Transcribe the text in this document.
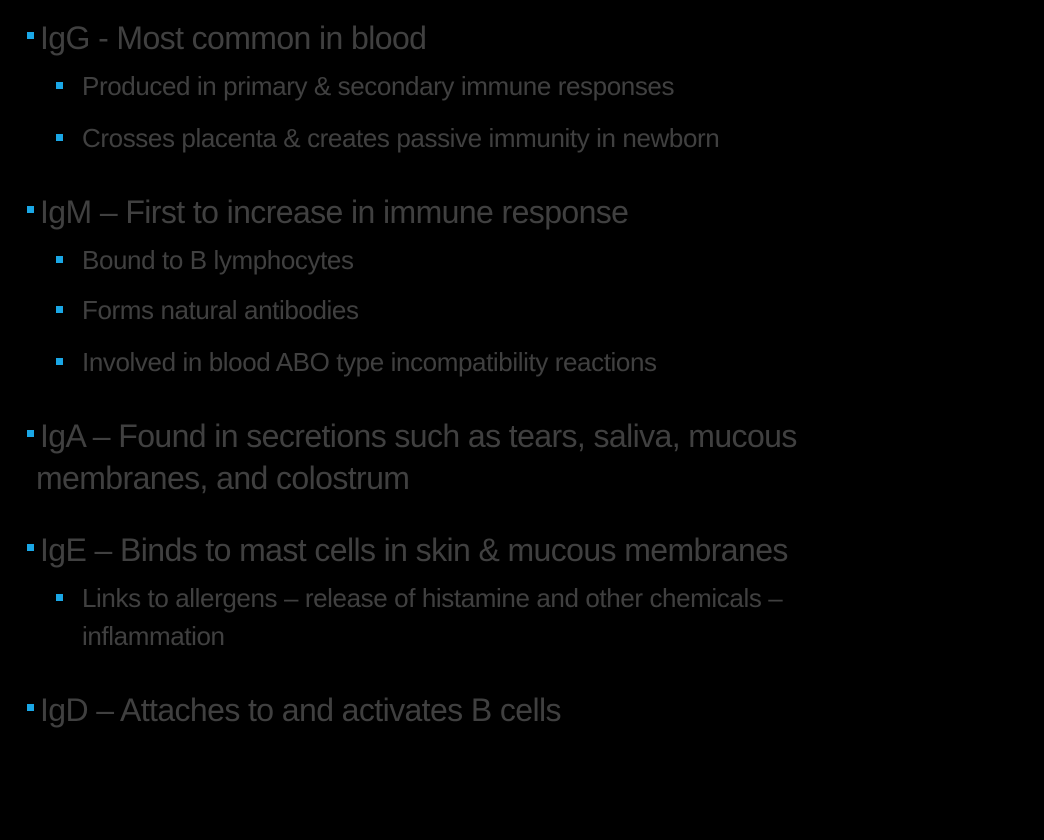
IgG - Most common in blood
Produced in primary & secondary immune responses
Crosses placenta & creates passive immunity in newborn
IgM – First to increase in immune response
Bound to B lymphocytes
Forms natural antibodies
Involved in blood ABO type incompatibility reactions
IgA – Found in secretions such as tears, saliva, mucous
membranes, and colostrum
IgE – Binds to mast cells in skin & mucous membranes
Links to allergens – release of histamine and other chemicals –
inflammation
IgD – Attaches to and activates B cells
